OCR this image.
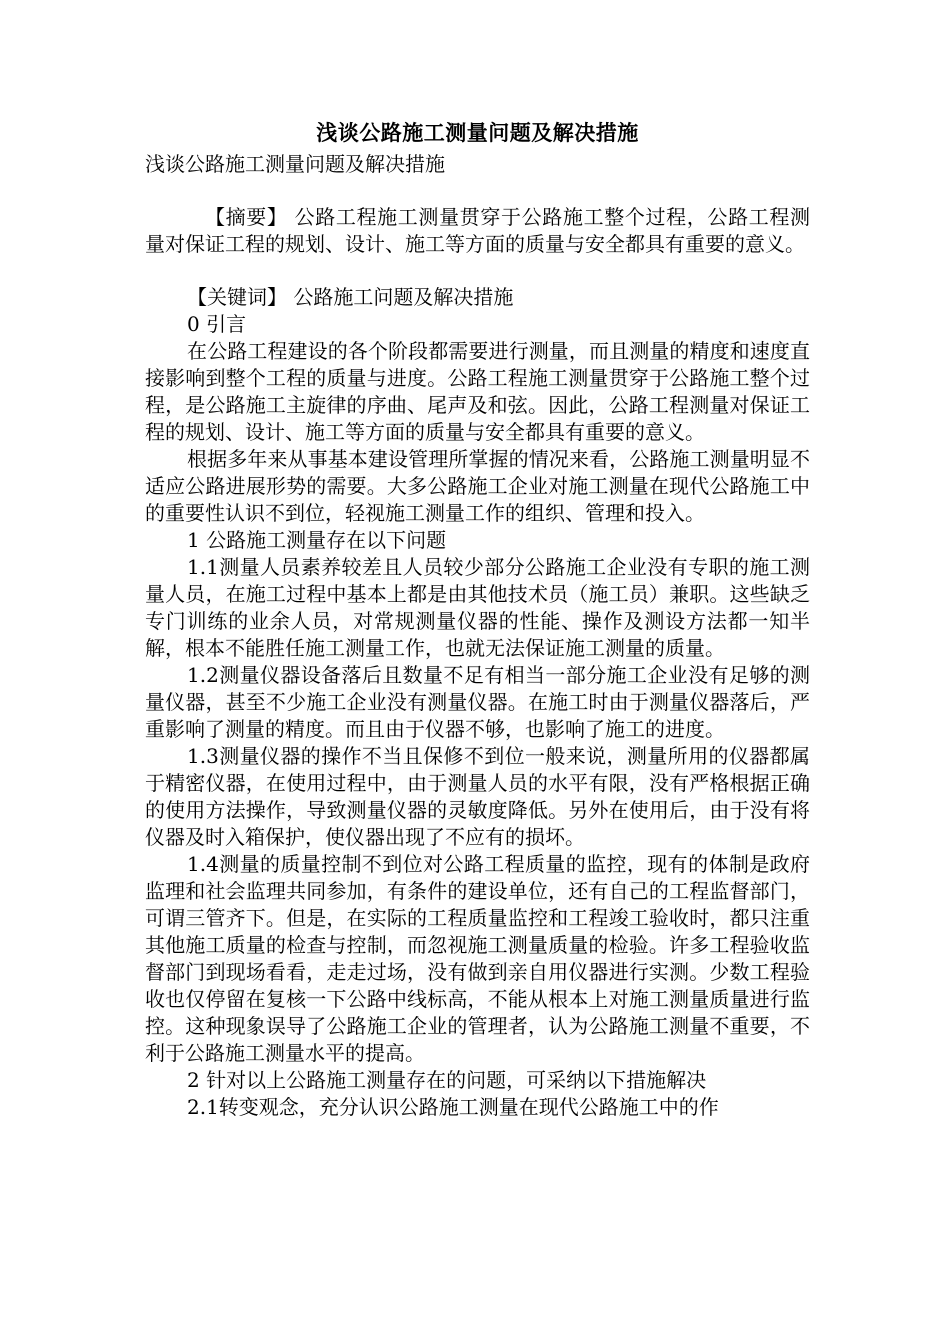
浅谈公路施工测量问题及解决措施

浅谈公路施工测量问题及解决措施

【摘要】 公路工程施工测量贯穿于公路施工整个过程，公路工程测量对保证工程的规划、设计、施工等方面的质量与安全都具有重要的意义。

【关键词】 公路施工问题及解决措施

0 引言

在公路工程建设的各个阶段都需要进行测量，而且测量的精度和速度直接影响到整个工程的质量与进度。公路工程施工测量贯穿于公路施工整个过程，是公路施工主旋律的序曲、尾声及和弦。因此，公路工程测量对保证工程的规划、设计、施工等方面的质量与安全都具有重要的意义。

根据多年来从事基本建设管理所掌握的情况来看，公路施工测量明显不适应公路进展形势的需要。大多公路施工企业对施工测量在现代公路施工中的重要性认识不到位，轻视施工测量工作的组织、管理和投入。

1 公路施工测量存在以下问题

1.1测量人员素养较差且人员较少部分公路施工企业没有专职的施工测量人员，在施工过程中基本上都是由其他技术员（施工员）兼职。这些缺乏专门训练的业余人员，对常规测量仪器的性能、操作及测设方法都一知半解，根本不能胜任施工测量工作，也就无法保证施工测量的质量。

1.2测量仪器设备落后且数量不足有相当一部分施工企业没有足够的测量仪器，甚至不少施工企业没有测量仪器。在施工时由于测量仪器落后，严重影响了测量的精度。而且由于仪器不够，也影响了施工的进度。

1.3测量仪器的操作不当且保修不到位一般来说，测量所用的仪器都属于精密仪器，在使用过程中，由于测量人员的水平有限，没有严格根据正确的使用方法操作，导致测量仪器的灵敏度降低。另外在使用后，由于没有将仪器及时入箱保护，使仪器出现了不应有的损坏。

1.4测量的质量控制不到位对公路工程质量的监控，现有的体制是政府监理和社会监理共同参加，有条件的建设单位，还有自己的工程监督部门，可谓三管齐下。但是，在实际的工程质量监控和工程竣工验收时，都只注重其他施工质量的检查与控制，而忽视施工测量质量的检验。许多工程验收监督部门到现场看看，走走过场，没有做到亲自用仪器进行实测。少数工程验收也仅停留在复核一下公路中线标高，不能从根本上对施工测量质量进行监控。这种现象误导了公路施工企业的管理者，认为公路施工测量不重要，不利于公路施工测量水平的提高。

2 针对以上公路施工测量存在的问题，可采纳以下措施解决

2.1转变观念，充分认识公路施工测量在现代公路施工中的作
